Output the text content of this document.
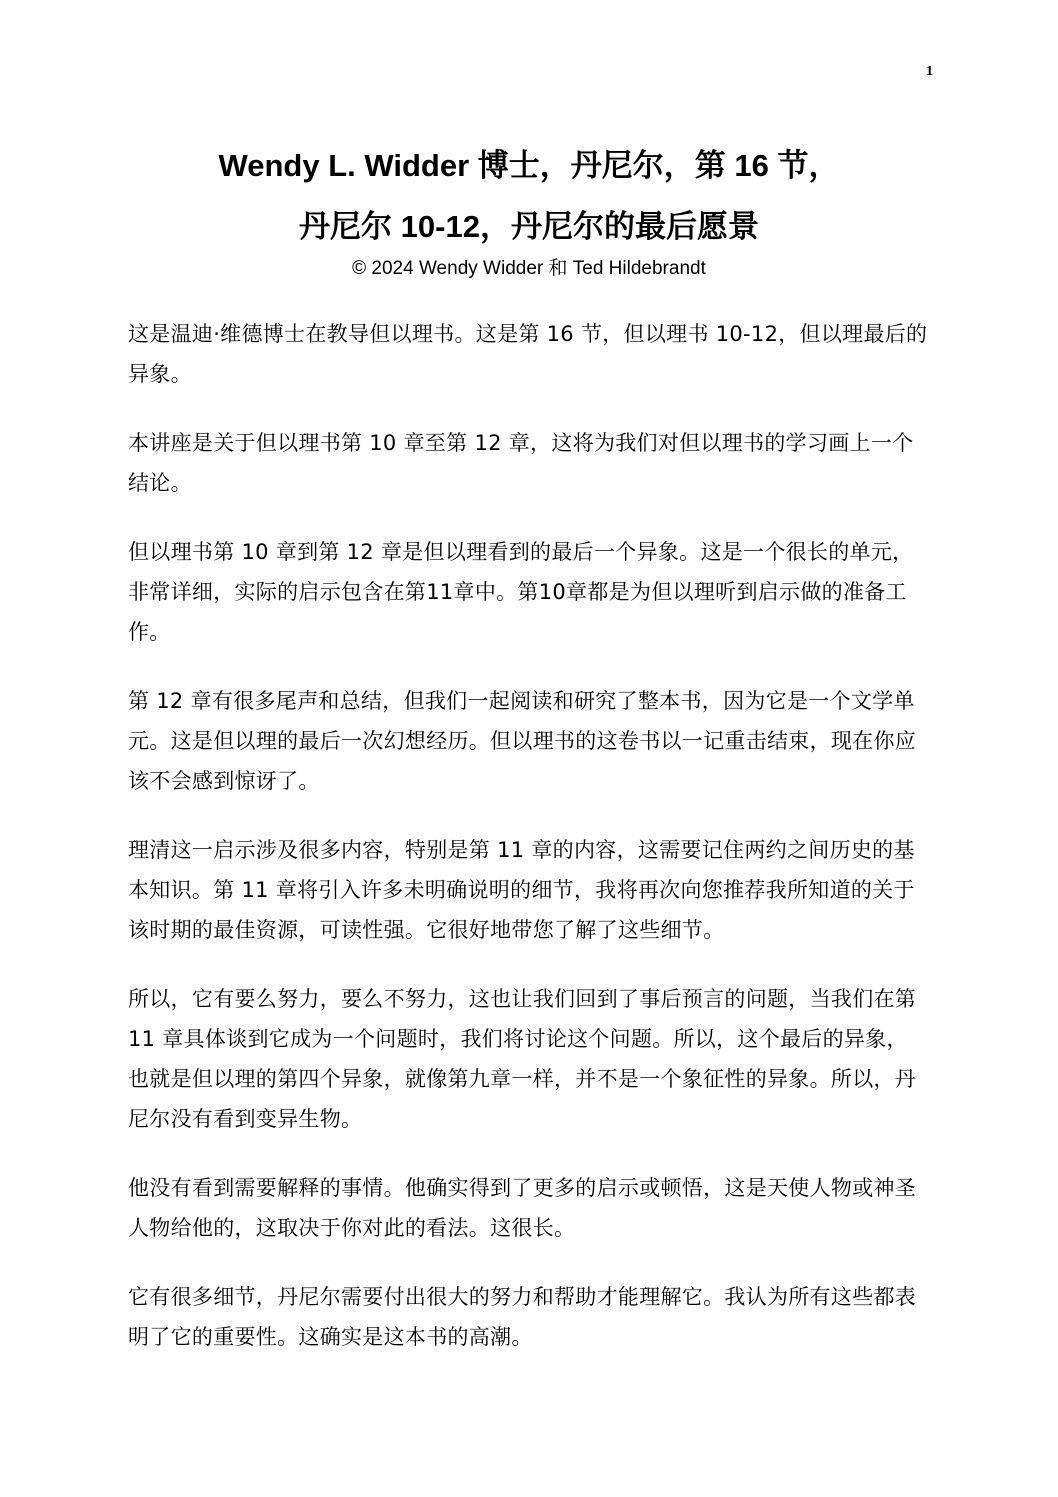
1
Wendy L. Widder 博士，丹尼尔，第 16 节，
丹尼尔 10-12，丹尼尔的最后愿景
© 2024 Wendy Widder 和 Ted Hildebrandt

这是温迪·维德博士在教导但以理书。这是第 16 节，但以理书 10-12，但以理最后的异象。

本讲座是关于但以理书第 10 章至第 12 章，这将为我们对但以理书的学习画上一个结论。

但以理书第 10 章到第 12 章是但以理看到的最后一个异象。这是一个很长的单元，非常详细，实际的启示包含在第11章中。第10章都是为但以理听到启示做的准备工作。

第 12 章有很多尾声和总结，但我们一起阅读和研究了整本书，因为它是一个文学单元。这是但以理的最后一次幻想经历。但以理书的这卷书以一记重击结束，现在你应该不会感到惊讶了。

理清这一启示涉及很多内容，特别是第 11 章的内容，这需要记住两约之间历史的基本知识。第 11 章将引入许多未明确说明的细节，我将再次向您推荐我所知道的关于该时期的最佳资源，可读性强。它很好地带您了解了这些细节。

所以，它有要么努力，要么不努力，这也让我们回到了事后预言的问题，当我们在第 11 章具体谈到它成为一个问题时，我们将讨论这个问题。所以，这个最后的异象，也就是但以理的第四个异象，就像第九章一样，并不是一个象征性的异象。所以，丹尼尔没有看到变异生物。

他没有看到需要解释的事情。他确实得到了更多的启示或顿悟，这是天使人物或神圣人物给他的，这取决于你对此的看法。这很长。

它有很多细节，丹尼尔需要付出很大的努力和帮助才能理解它。我认为所有这些都表明了它的重要性。这确实是这本书的高潮。
